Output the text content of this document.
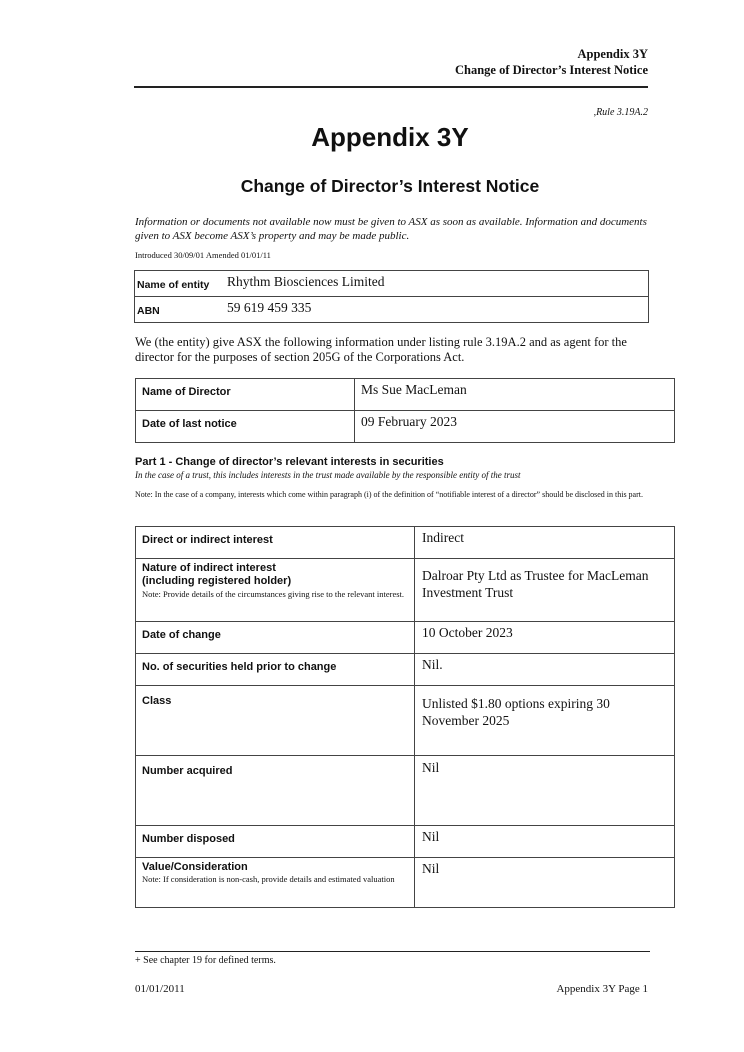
Appendix 3Y
Change of Director’s Interest Notice
,Rule 3.19A.2
Appendix 3Y
Change of Director’s Interest Notice
Information or documents not available now must be given to ASX as soon as available. Information and documents given to ASX become ASX’s property and may be made public.
Introduced 30/09/01 Amended 01/01/11
Name of entity	Rhythm Biosciences Limited
ABN	59 619 459 335
We (the entity) give ASX the following information under listing rule 3.19A.2 and as agent for the director for the purposes of section 205G of the Corporations Act.
Name of Director	Ms Sue MacLeman
Date of last notice	09 February 2023
Part 1 - Change of director’s relevant interests in securities
In the case of a trust, this includes interests in the trust made available by the responsible entity of the trust
Note: In the case of a company, interests which come within paragraph (i) of the definition of “notifiable interest of a director” should be disclosed in this part.
Direct or indirect interest	Indirect

Nature of indirect interest
(including registered holder)
Note: Provide details of the circumstances giving rise to the relevant interest.	Dalroar Pty Ltd as Trustee for MacLeman Investment Trust

Date of change	10 October 2023
No. of securities held prior to change	Nil.
Class	Unlisted $1.80 options expiring 30 November 2025

Number acquired	Nil
Number disposed	Nil

Value/Consideration
Note: If consideration is non-cash, provide details and estimated valuation	Nil
+ See chapter 19 for defined terms.
01/01/2011	Appendix 3Y Page 1
